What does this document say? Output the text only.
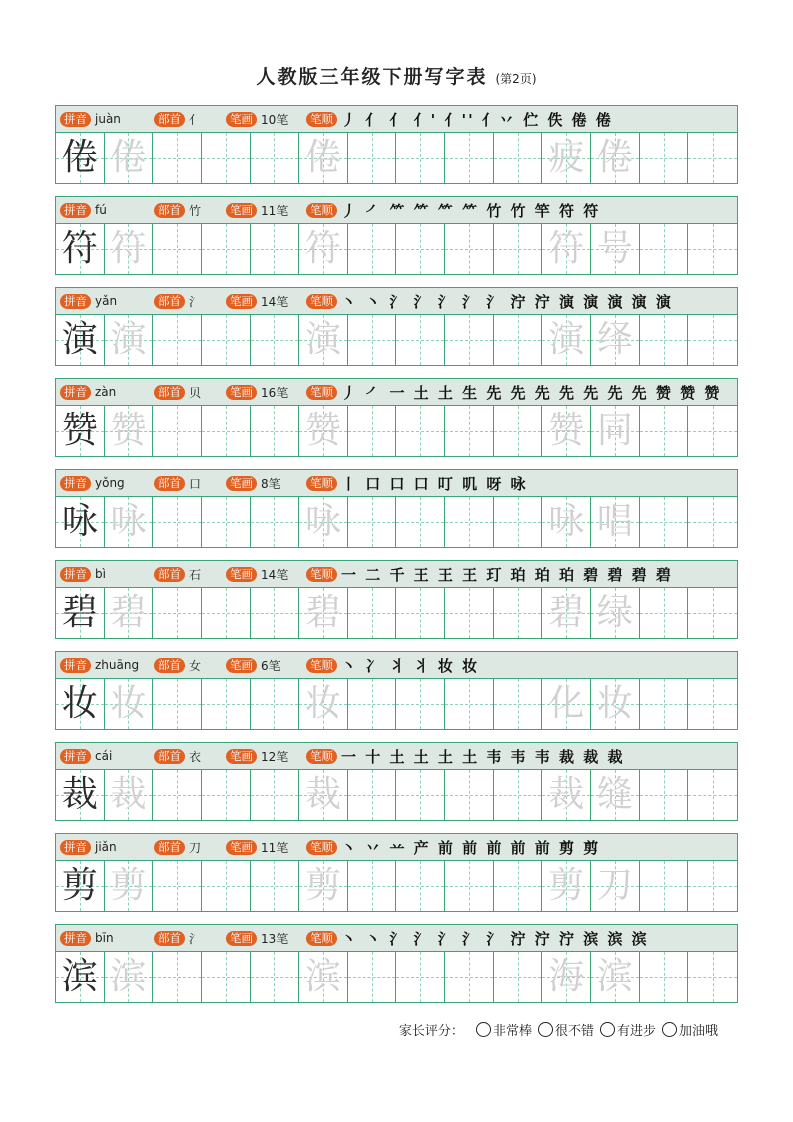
人教版三年级下册写字表 (第2页)
拼音 juàn	部首 亻	笔画 10笔	笔顺 丿 亻 亻 亻' 亻'' 亻丷 伫 佚 倦 倦
倦 倦	倦	疲 倦
拼音 fú	部首 竹	笔画 11笔	笔顺 丿 ㇒ ⺮ ⺮ ⺮ ⺮ 竹 竹 竿 符 符
符 符	符	符 号
拼音 yǎn	部首 氵	笔画 14笔	笔顺 丶 丶 氵 氵 氵 氵 氵 泞 泞 演 演 演 演 演
演 演	演	演 绎
拼音 zàn	部首 贝	笔画 16笔	笔顺 丿 ㇒ 一 土 土 生 先 先 先 先 先 先 先 赞 赞 赞
赞 赞	赞	赞 同
拼音 yǒng	部首 口	笔画 8笔	笔顺 丨 口 口 口 叮 叽 呀 咏
咏 咏	咏	咏 唱
拼音 bì	部首 石	笔画 14笔	笔顺 一 二 千 王 王 王 玎 珀 珀 珀 碧 碧 碧 碧
碧 碧	碧	碧 绿
拼音 zhuāng	部首 女	笔画 6笔	笔顺 丶 冫 丬 丬 妆 妆
妆 妆	妆	化 妆
拼音 cái	部首 衣	笔画 12笔	笔顺 一 十 土 土 土 土 韦 韦 韦 裁 裁 裁
裁 裁	裁	裁 缝
拼音 jiǎn	部首 刀	笔画 11笔	笔顺 丶 丷 䒑 产 前 前 前 前 前 剪 剪
剪 剪	剪	剪 刀
拼音 bīn	部首 氵	笔画 13笔	笔顺 丶 丶 氵 氵 氵 氵 氵 泞 泞 泞 滨 滨 滨
滨 滨	滨	海 滨
家长评分： 非常棒 很不错 有进步 加油哦
